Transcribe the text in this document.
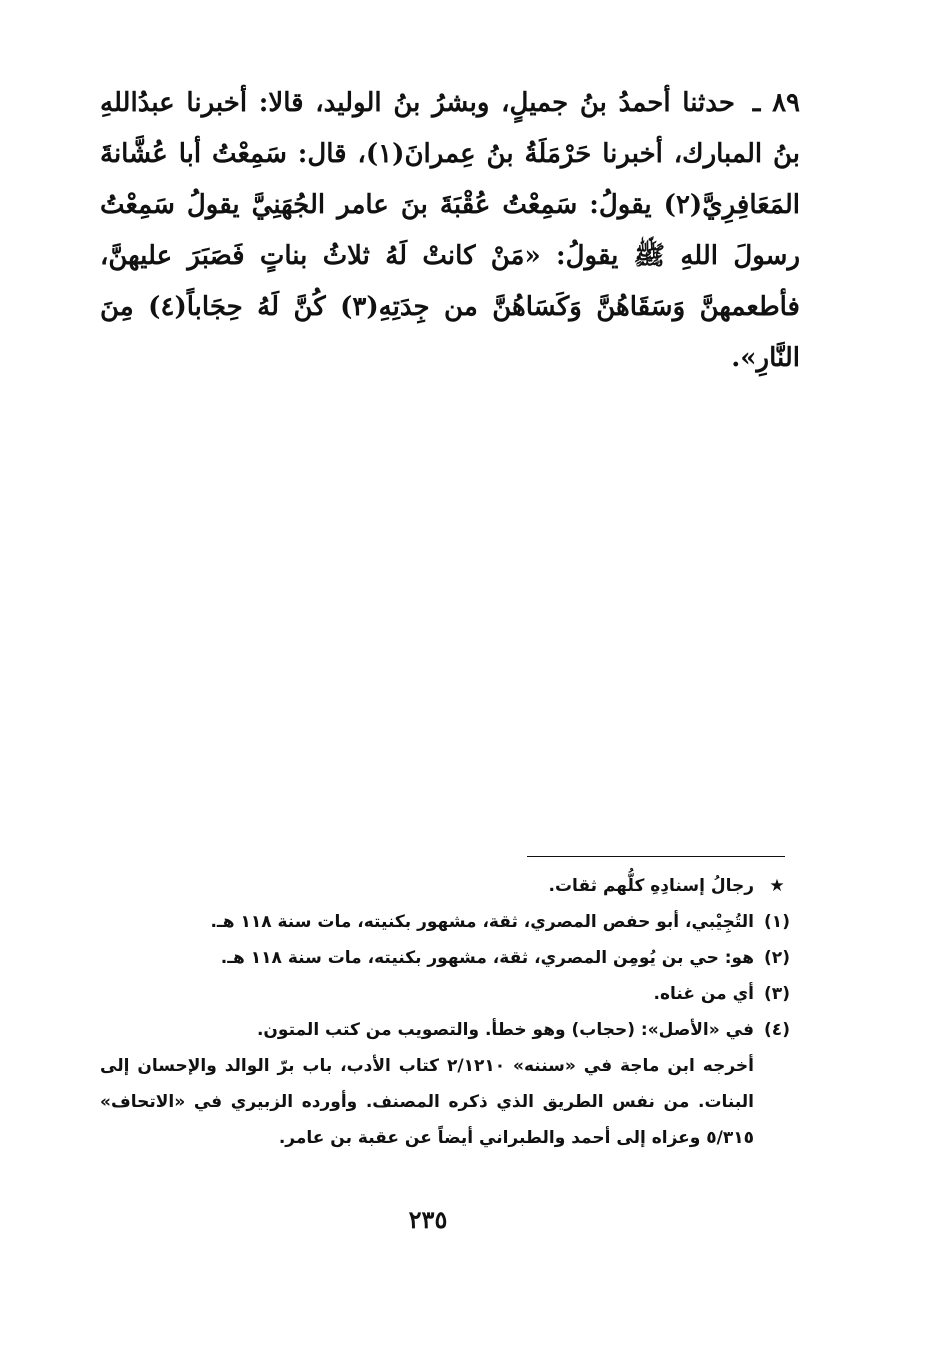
٨٩ ـ حدثنا أحمدُ بنُ جميلٍ، وبشرُ بنُ الوليد، قالا: أخبرنا عبدُاللهِ بنُ المبارك، أخبرنا حَرْمَلَةُ بنُ عِمرانَ(١)، قال: سَمِعْتُ أبا عُشَّانةَ المَعَافِرِيَّ(٢) يقولُ: سَمِعْتُ عُقْبَةَ بنَ عامر الجُهَنِيَّ يقولُ سَمِعْتُ رسولَ اللهِ ﷺ يقولُ: «مَنْ كانتْ لَهُ ثلاثُ بناتٍ فَصَبَرَ عليهنَّ، فأطعمهنَّ وَسَقَاهُنَّ وَكَسَاهُنَّ من جِدَتِهِ(٣) كُنَّ لَهُ حِجَاباً(٤) مِنَ النَّارِ».
★
رجالُ إسنادِهِ كلُّهم ثقات.
(١)
التُجِيْبي، أبو حفص المصري، ثقة، مشهور بكنيته، مات سنة ١١٨ هـ.
(٢)
هو: حي بن يُومِن المصري، ثقة، مشهور بكنيته، مات سنة ١١٨ هـ.
(٣)
أي من غناه.
(٤)
في «الأصل»: (حجاب) وهو خطأ. والتصويب من كتب المتون.
أخرجه ابن ماجة في «سننه» ٢/١٢١٠ كتاب الأدب، باب برّ الوالد والإحسان إلى البنات. من نفس الطريق الذي ذكره المصنف. وأورده الزبيري في «الاتحاف» ٥/٣١٥ وعزاه إلى أحمد والطبراني أيضاً عن عقبة بن عامر.
٢٣٥
